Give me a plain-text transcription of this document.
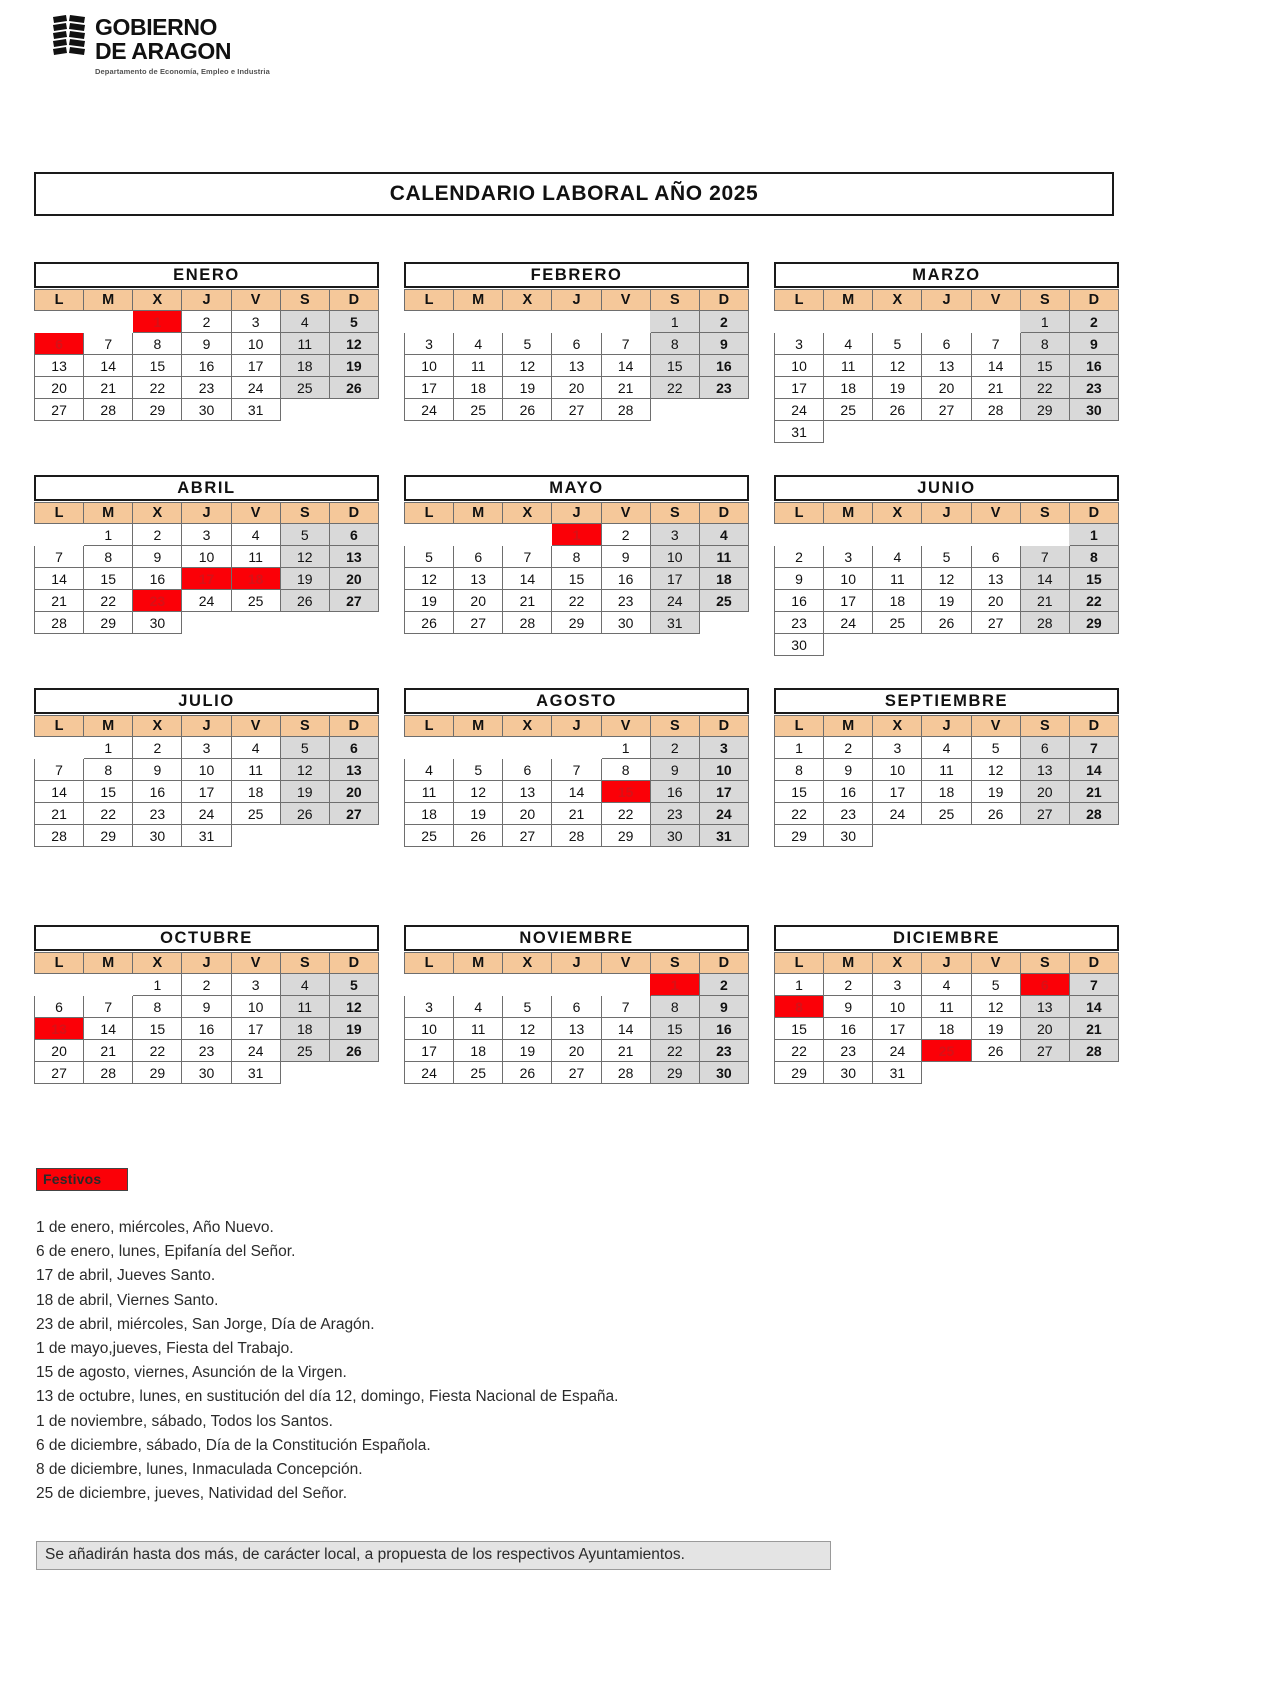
GOBIERNO
DE ARAGON
Departamento de Economía, Empleo e Industria
CALENDARIO LABORAL AÑO 2025
ENERO
L	M	X	J	V	S	D
		1	2	3	4	5
6	7	8	9	10	11	12
13	14	15	16	17	18	19
20	21	22	23	24	25	26
27	28	29	30	31		
FEBRERO
L	M	X	J	V	S	D
					1	2
3	4	5	6	7	8	9
10	11	12	13	14	15	16
17	18	19	20	21	22	23
24	25	26	27	28		
MARZO
L	M	X	J	V	S	D
					1	2
3	4	5	6	7	8	9
10	11	12	13	14	15	16
17	18	19	20	21	22	23
24	25	26	27	28	29	30
31						
ABRIL
L	M	X	J	V	S	D
	1	2	3	4	5	6
7	8	9	10	11	12	13
14	15	16	17	18	19	20
21	22	23	24	25	26	27
28	29	30				
MAYO
L	M	X	J	V	S	D
			1	2	3	4
5	6	7	8	9	10	11
12	13	14	15	16	17	18
19	20	21	22	23	24	25
26	27	28	29	30	31	
JUNIO
L	M	X	J	V	S	D
						1
2	3	4	5	6	7	8
9	10	11	12	13	14	15
16	17	18	19	20	21	22
23	24	25	26	27	28	29
30						
JULIO
L	M	X	J	V	S	D
	1	2	3	4	5	6
7	8	9	10	11	12	13
14	15	16	17	18	19	20
21	22	23	24	25	26	27
28	29	30	31			
AGOSTO
L	M	X	J	V	S	D
				1	2	3
4	5	6	7	8	9	10
11	12	13	14	15	16	17
18	19	20	21	22	23	24
25	26	27	28	29	30	31
SEPTIEMBRE
L	M	X	J	V	S	D
1	2	3	4	5	6	7
8	9	10	11	12	13	14
15	16	17	18	19	20	21
22	23	24	25	26	27	28
29	30					
OCTUBRE
L	M	X	J	V	S	D
		1	2	3	4	5
6	7	8	9	10	11	12
13	14	15	16	17	18	19
20	21	22	23	24	25	26
27	28	29	30	31		
NOVIEMBRE
L	M	X	J	V	S	D
					1	2
3	4	5	6	7	8	9
10	11	12	13	14	15	16
17	18	19	20	21	22	23
24	25	26	27	28	29	30
DICIEMBRE
L	M	X	J	V	S	D
1	2	3	4	5	6	7
8	9	10	11	12	13	14
15	16	17	18	19	20	21
22	23	24	25	26	27	28
29	30	31				
Festivos
1 de enero, miércoles, Año Nuevo.
6 de enero, lunes, Epifanía del Señor.
17 de abril, Jueves Santo.
18 de abril, Viernes Santo.
23 de abril, miércoles, San Jorge, Día de Aragón.
1 de mayo,jueves, Fiesta del Trabajo.
15 de agosto, viernes, Asunción de la Virgen.
13 de octubre, lunes, en sustitución del día 12, domingo, Fiesta Nacional de España.
1 de noviembre, sábado, Todos los Santos.
6 de diciembre, sábado, Día de la Constitución Española.
8 de diciembre, lunes, Inmaculada Concepción.
25 de diciembre, jueves, Natividad del Señor.
Se añadirán hasta dos más, de carácter local, a propuesta de los respectivos Ayuntamientos.
